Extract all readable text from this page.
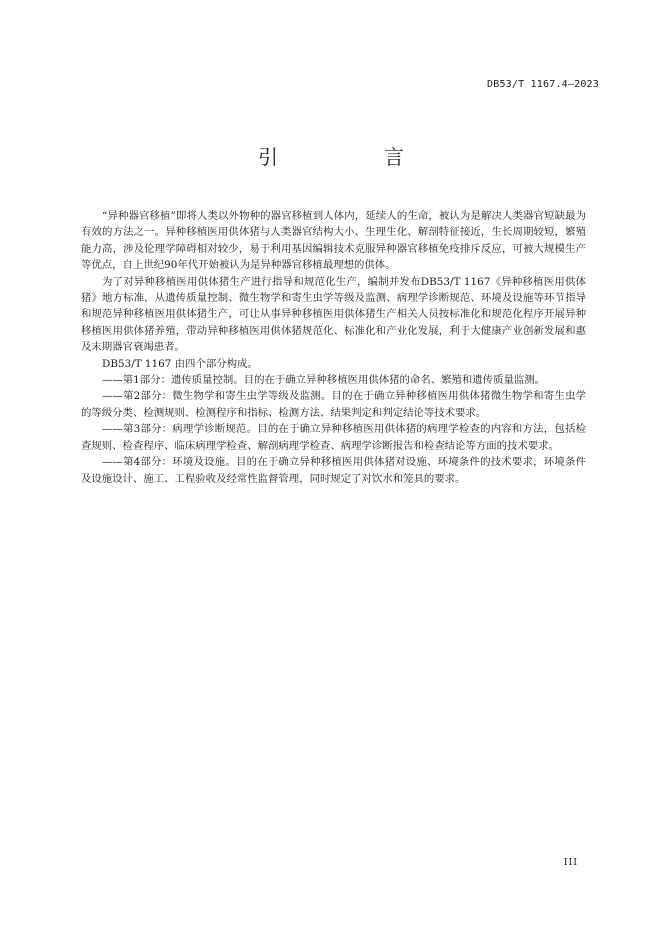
DB53/T 1167.4—2023
引　　言

“异种器官移植”即将人类以外物种的器官移植到人体内，延续人的生命，被认为是解决人类器官短缺最为有效的方法之一。异种移植医用供体猪与人类器官结构大小、生理生化、解剖特征接近，生长周期较短，繁殖能力高，涉及伦理学障碍相对较少，易于利用基因编辑技术克服异种器官移植免疫排斥反应，可被大规模生产等优点，自上世纪90年代开始被认为是异种器官移植最理想的供体。

为了对异种移植医用供体猪生产进行指导和规范化生产，编制并发布DB53/T 1167《异种移植医用供体猪》地方标准，从遗传质量控制、微生物学和寄生虫学等级及监测、病理学诊断规范、环境及设施等环节指导和规范异种移植医用供体猪生产，可让从事异种移植医用供体猪生产相关人员按标准化和规范化程序开展异种移植医用供体猪养殖，带动异种移植医用供体猪规范化、标准化和产业化发展，利于大健康产业创新发展和惠及末期器官衰竭患者。

DB53/T 1167 由四个部分构成。

——第1部分：遗传质量控制。目的在于确立异种移植医用供体猪的命名、繁殖和遗传质量监测。

——第2部分：微生物学和寄生虫学等级及监测。目的在于确立异种移植医用供体猪微生物学和寄生虫学的等级分类、检测规则、检测程序和指标、检测方法、结果判定和判定结论等技术要求。

——第3部分：病理学诊断规范。目的在于确立异种移植医用供体猪的病理学检查的内容和方法，包括检查规则、检查程序、临床病理学检查、解剖病理学检查、病理学诊断报告和检查结论等方面的技术要求。

——第4部分：环境及设施。目的在于确立异种移植医用供体猪对设施、环境条件的技术要求，环境条件及设施设计、施工、工程验收及经常性监督管理，同时规定了对饮水和笼具的要求。

III
